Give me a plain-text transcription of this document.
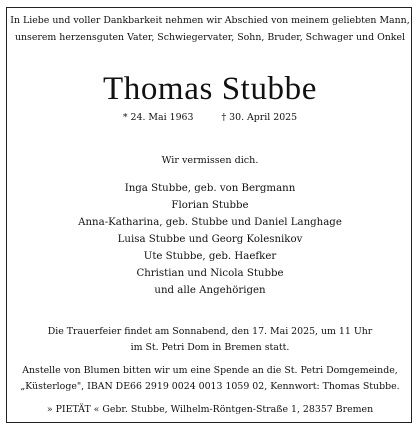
In Liebe und voller Dankbarkeit nehmen wir Abschied von meinem geliebten Mann,
unserem herzensguten Vater, Schwiegervater, Sohn, Bruder, Schwager und Onkel
Thomas Stubbe
* 24. Mai 1963	† 30. April 2025
Wir vermissen dich.
Inga Stubbe, geb. von Bergmann
Florian Stubbe
Anna-Katharina, geb. Stubbe und Daniel Langhage
Luisa Stubbe und Georg Kolesnikov
Ute Stubbe, geb. Haefker
Christian und Nicola Stubbe
und alle Angehörigen
Die Trauerfeier findet am Sonnabend, den 17. Mai 2025, um 11 Uhr
im St. Petri Dom in Bremen statt.
Anstelle von Blumen bitten wir um eine Spende an die St. Petri Domgemeinde,
„Küsterloge", IBAN DE66 2919 0024 0013 1059 02, Kennwort: Thomas Stubbe.
» PIETÄT « Gebr. Stubbe, Wilhelm-Röntgen-Straße 1, 28357 Bremen
